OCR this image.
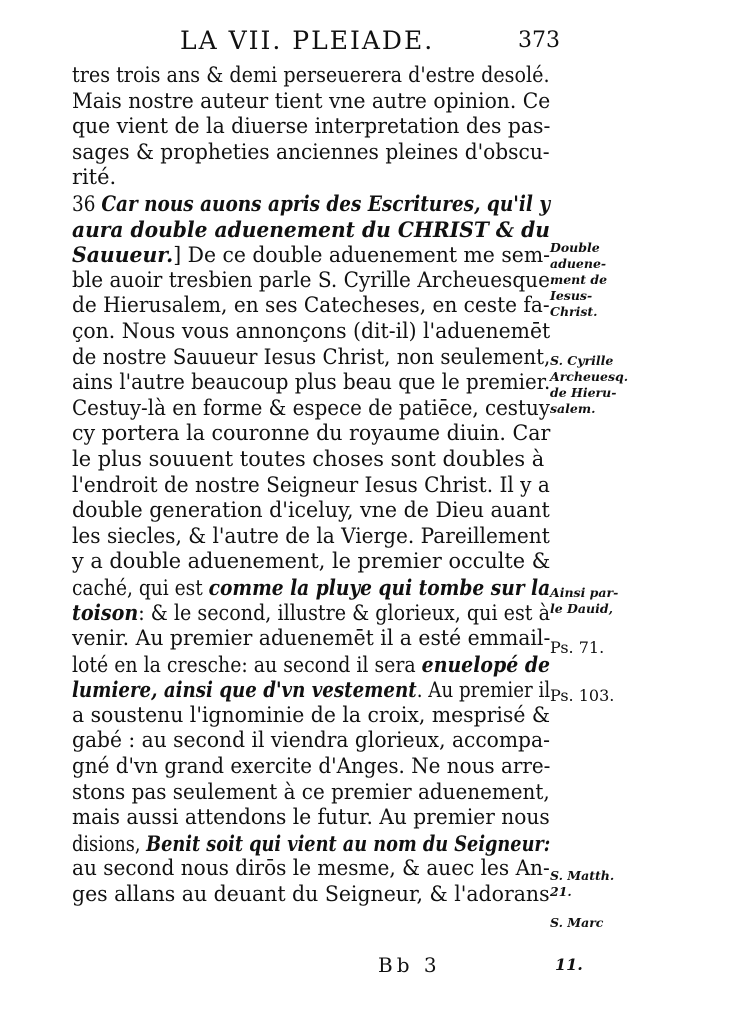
LA VII. PLEIADE.	373
tres trois ans & demi perseuerera d'estre desolé.
Mais nostre auteur tient vne autre opinion. Ce
que vient de la diuerse interpretation des pas-
sages & propheties anciennes pleines d'obscu-
rité.
36 Car nous auons apris des Escritures, qu'il y
aura double aduenement du CHRIST & du
Sauueur.] De ce double aduenement me sem-
ble auoir tresbien parle S. Cyrille Archeuesque
de Hierusalem, en ses Catecheses, en ceste fa-
çon. Nous vous annonçons (dit-il) l'aduenemēt
de nostre Sauueur Iesus Christ, non seulement,
ains l'autre beaucoup plus beau que le premier.
Cestuy-là en forme & espece de patiēce, cestuy
cy portera la couronne du royaume diuin. Car
le plus souuent toutes choses sont doubles à
l'endroit de nostre Seigneur Iesus Christ. Il y a
double generation d'iceluy, vne de Dieu auant
les siecles, & l'autre de la Vierge. Pareillement
y a double aduenement, le premier occulte &
caché, qui est comme la pluye qui tombe sur la
toison: & le second, illustre & glorieux, qui est à
venir. Au premier aduenemēt il a esté emmail-
loté en la cresche: au second il sera enuelopé de
lumiere, ainsi que d'vn vestement. Au premier il
a soustenu l'ignominie de la croix, mesprisé &
gabé : au second il viendra glorieux, accompa-
gné d'vn grand exercite d'Anges. Ne nous arre-
stons pas seulement à ce premier aduenement,
mais aussi attendons le futur. Au premier nous
disions, Benit soit qui vient au nom du Seigneur:
au second nous dirōs le mesme, & auec les An-
ges allans au deuant du Seigneur, & l'adorans
Double
aduene-
ment de
Iesus-
Christ.
S. Cyrille
Archeuesq.
de Hieru-
salem.
Ainsi par-
le Dauid,
Ps. 71.
Ps. 103.
S. Matth.
21.
S. Marc
Bb 3	11.
